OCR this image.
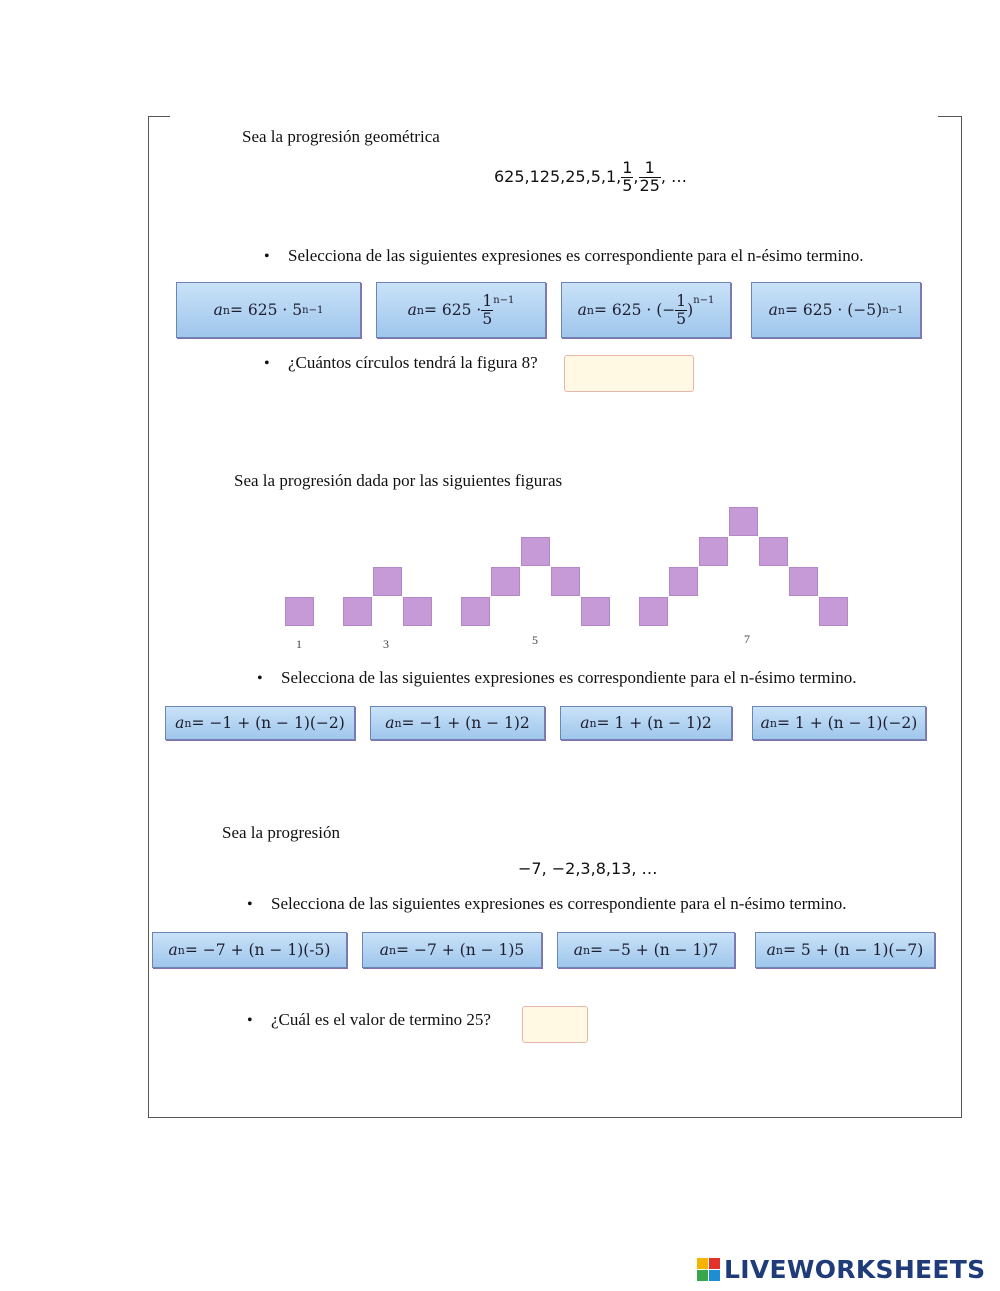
Sea la progresión geométrica
625,125,25,5,1, $\frac{1}{5}$ , $\frac{1}{25}$ , …
• Selecciona de las siguientes expresiones es correspondiente para el n-ésimo termino.
a n = 625 · 5 n−1	a $n = 625 \cdot \frac{1}{5}^{n-1}$
a n = 625 · (− $\frac{1}{5}$ )
$^{n-1}$
a n = 625 · (−5) n−1
• ¿Cuántos círculos tendrá la figura 8?
Sea la progresión dada por las siguientes figuras
1	3	5	7
• Selecciona de las siguientes expresiones es correspondiente para el n-ésimo termino.
a n = −1 + (n − 1)(−2)	a n = −1 + (n − 1)2	a n = 1 + (n − 1)2	a n = 1 + (n − 1)(−2)
Sea la progresión
−7, −2,3,8,13, …
• Selecciona de las siguientes expresiones es correspondiente para el n-ésimo termino.
a n = −7 + (n − 1)(-5)	a n = −7 + (n − 1)5	a n = −5 + (n − 1)7	a n = 5 + (n − 1)(−7)
• ¿Cuál es el valor de termino 25?
LIVEWORKSHEETS
